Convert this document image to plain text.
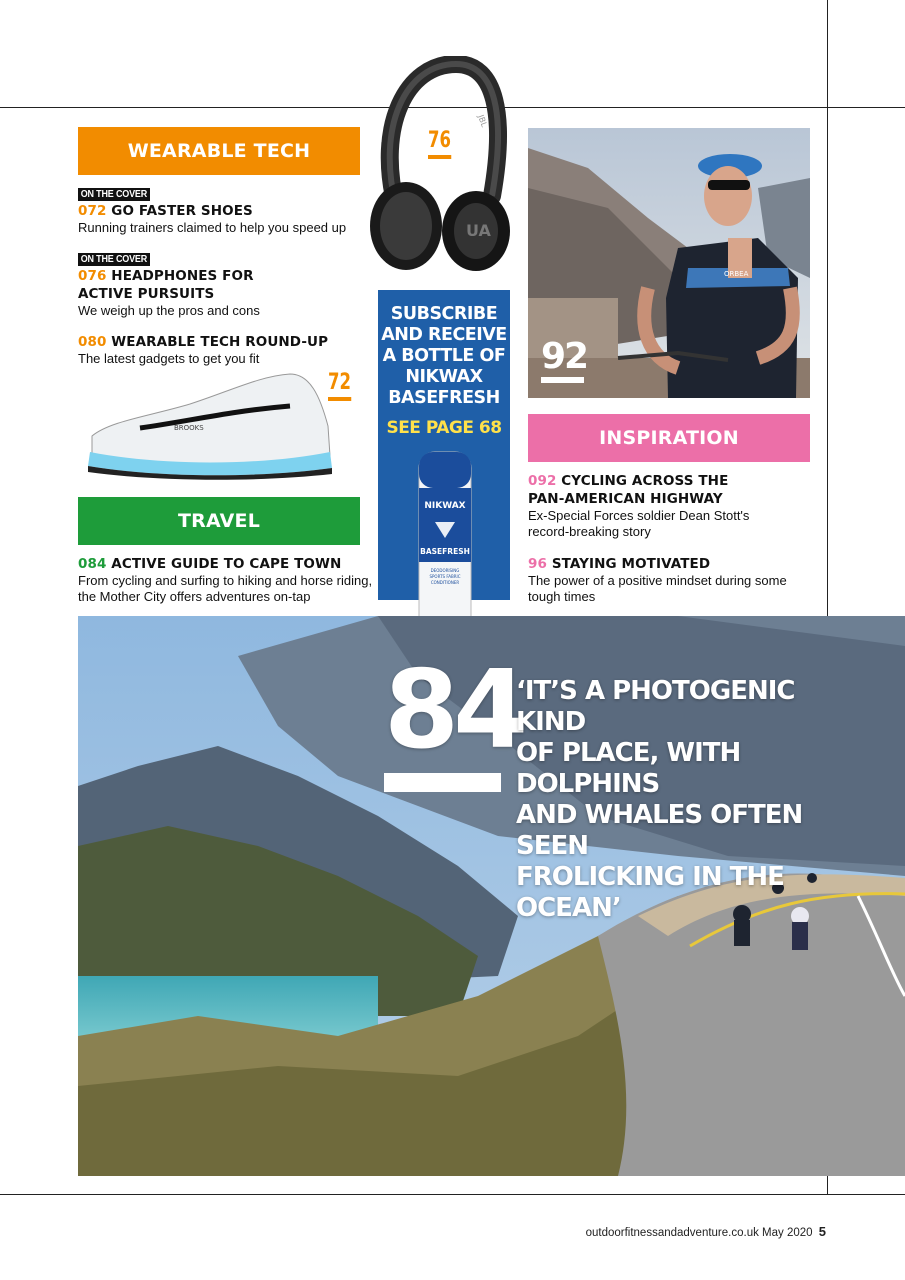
WEARABLE TECH
ON THE COVER
072 GO FASTER SHOES
Running trainers claimed to help you speed up
ON THE COVER
076 HEADPHONES FOR
ACTIVE PURSUITS
We weigh up the pros and cons
080 WEARABLE TECH ROUND-UP
The latest gadgets to get you fit
UA
JBL
76
BROOKS
72
TRAVEL
084 ACTIVE GUIDE TO CAPE TOWN
From cycling and surfing to hiking and horse riding,
the Mother City offers adventures on-tap
SUBSCRIBE
AND RECEIVE
A BOTTLE OF
NIKWAX
BASEFRESH
SEE PAGE 68
NIKWAX
BASEFRESH
DEODORISING
SPORTS FABRIC
CONDITIONER
ORBEA
92
INSPIRATION
092 CYCLING ACROSS THE
PAN-AMERICAN HIGHWAY
Ex-Special Forces soldier Dean Stott's
record-breaking story
96 STAYING MOTIVATED
The power of a positive mindset during some
tough times
84
‘IT’S A PHOTOGENIC KIND
OF PLACE, WITH DOLPHINS
AND WHALES OFTEN SEEN
FROLICKING IN THE OCEAN’
outdoorfitnessandadventure.co.uk May 2020 5
